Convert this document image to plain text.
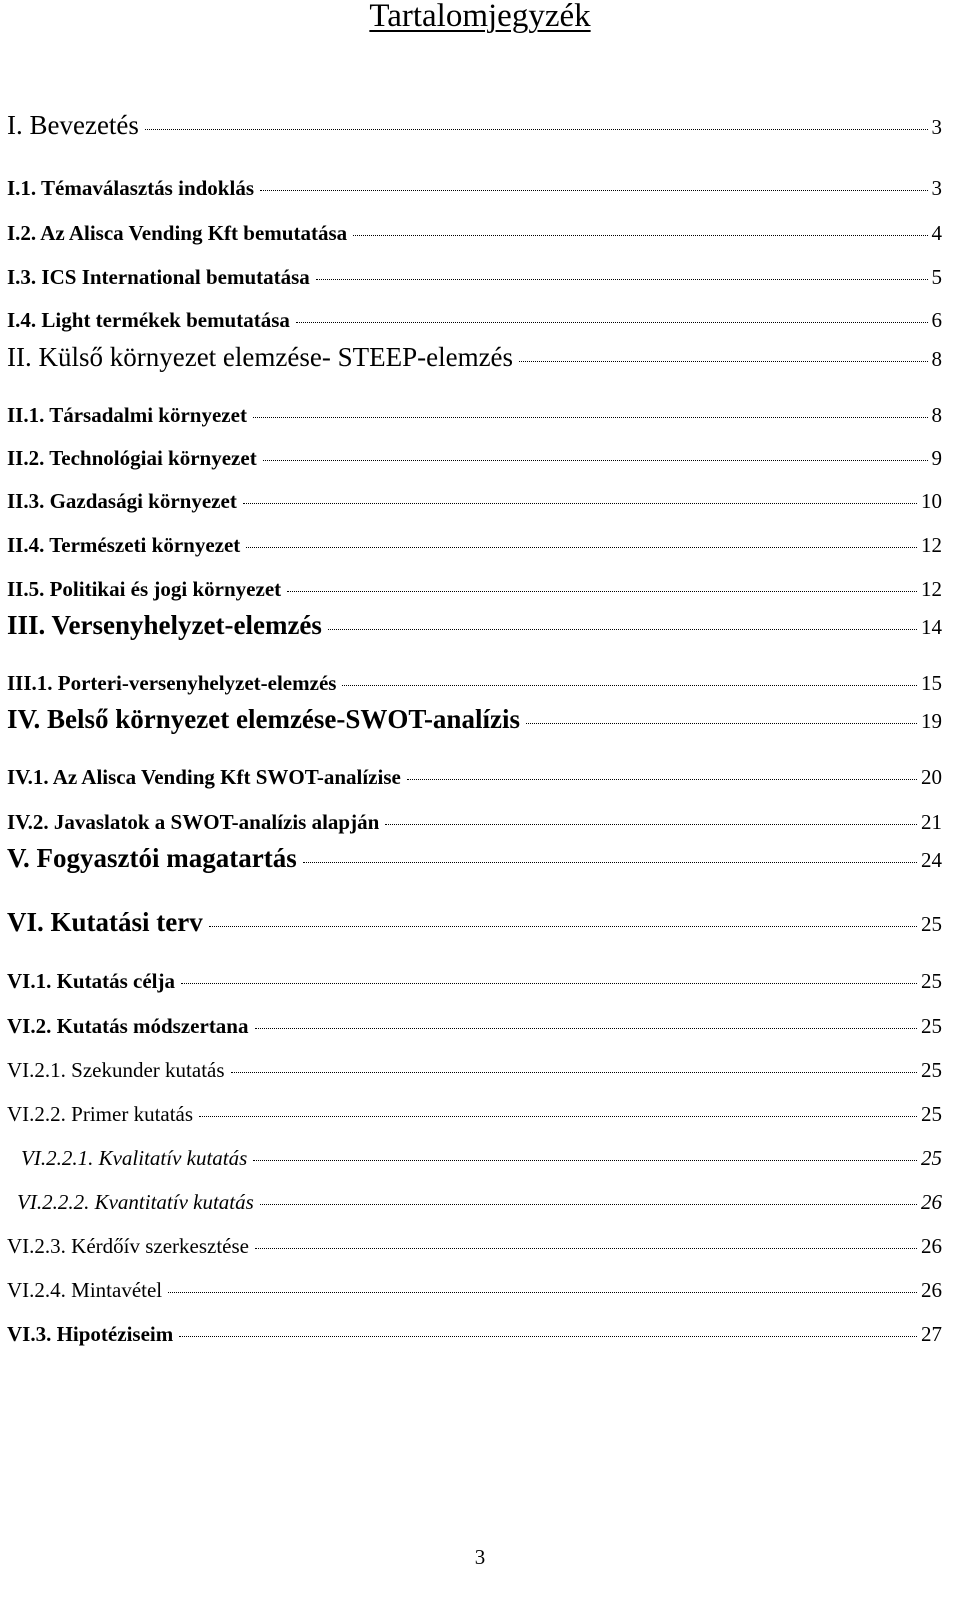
Tartalomjegyzék
I. Bevezetés	3
I.1. Témaválasztás indoklás	3
I.2. Az Alisca Vending Kft bemutatása	4
I.3. ICS International bemutatása	5
I.4. Light termékek bemutatása	6
II. Külső környezet elemzése- STEEP-elemzés	8
II.1. Társadalmi környezet	8
II.2. Technológiai környezet	9
II.3. Gazdasági környezet	10
II.4. Természeti környezet	12
II.5. Politikai és jogi környezet	12
III. Versenyhelyzet-elemzés	14
III.1. Porteri-versenyhelyzet-elemzés	15
IV. Belső környezet elemzése-SWOT-analízis	19
IV.1. Az Alisca Vending Kft SWOT-analízise	20
IV.2. Javaslatok a SWOT-analízis alapján	21
V. Fogyasztói magatartás	24
VI. Kutatási terv	25
VI.1. Kutatás célja	25
VI.2. Kutatás módszertana	25
VI.2.1. Szekunder kutatás	25
VI.2.2. Primer kutatás	25
VI.2.2.1. Kvalitatív kutatás	25
VI.2.2.2. Kvantitatív kutatás	26
VI.2.3. Kérdőív szerkesztése	26
VI.2.4. Mintavétel	26
VI.3. Hipotéziseim	27
3
